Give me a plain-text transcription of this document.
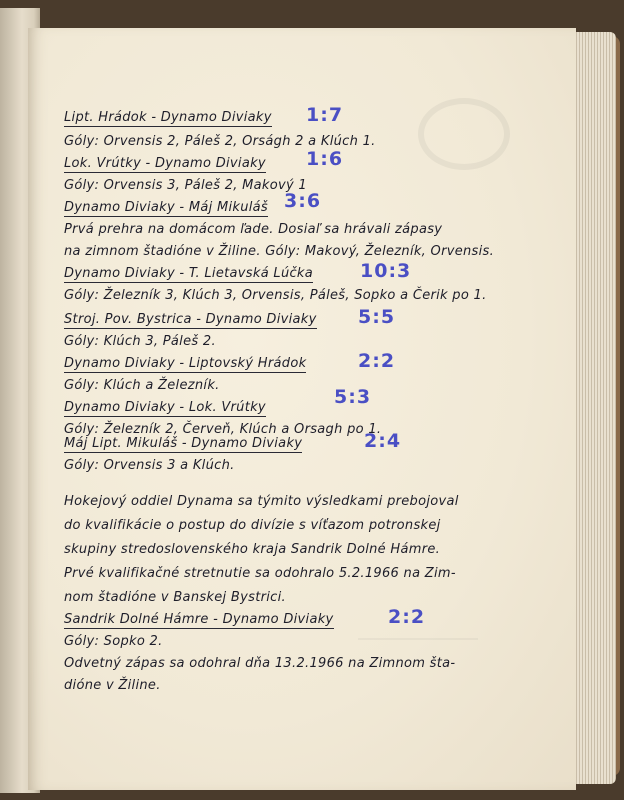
Lipt. Hrádok - Dynamo Diviaky 1:7
Góly: Orvensis 2, Páleš 2, Orságh 2 a Klúch 1.
Lok. Vrútky - Dynamo Diviaky 1:6
Góly: Orvensis 3, Páleš 2, Makový 1
Dynamo Diviaky - Máj Mikuláš 3:6
Prvá prehra na domácom ľade. Dosiaľ sa hrávali zápasy
na zimnom štadióne v Žiline. Góly: Makový, Železník, Orvensis.
Dynamo Diviaky - T. Lietavská Lúčka 10:3
Góly: Železník 3, Klúch 3, Orvensis, Páleš, Sopko a Čerik po 1.
Stroj. Pov. Bystrica - Dynamo Diviaky 5:5
Góly: Klúch 3, Páleš 2.
Dynamo Diviaky - Liptovský Hrádok	2:2
Góly: Klúch a Železník.
Dynamo Diviaky - Lok. Vrútky	5:3
Góly: Železník 2, Červeň, Klúch a Orsagh po 1.
Máj Lipt. Mikuláš - Dynamo Diviaky	2:4
Góly: Orvensis 3 a Klúch.
Hokejový oddiel Dynama sa týmito výsledkami prebojoval
do kvalifikácie o postup do divízie s víťazom potronskej
skupiny stredoslovenského kraja Sandrik Dolné Hámre.
Prvé kvalifikačné stretnutie sa odohralo 5.2.1966 na Zim-
nom štadióne v Banskej Bystrici.
Sandrik Dolné Hámre - Dynamo Diviaky	2:2
Góly: Sopko 2.
Odvetný zápas sa odohral dňa 13.2.1966 na Zimnom šta-
dióne v Žiline.
